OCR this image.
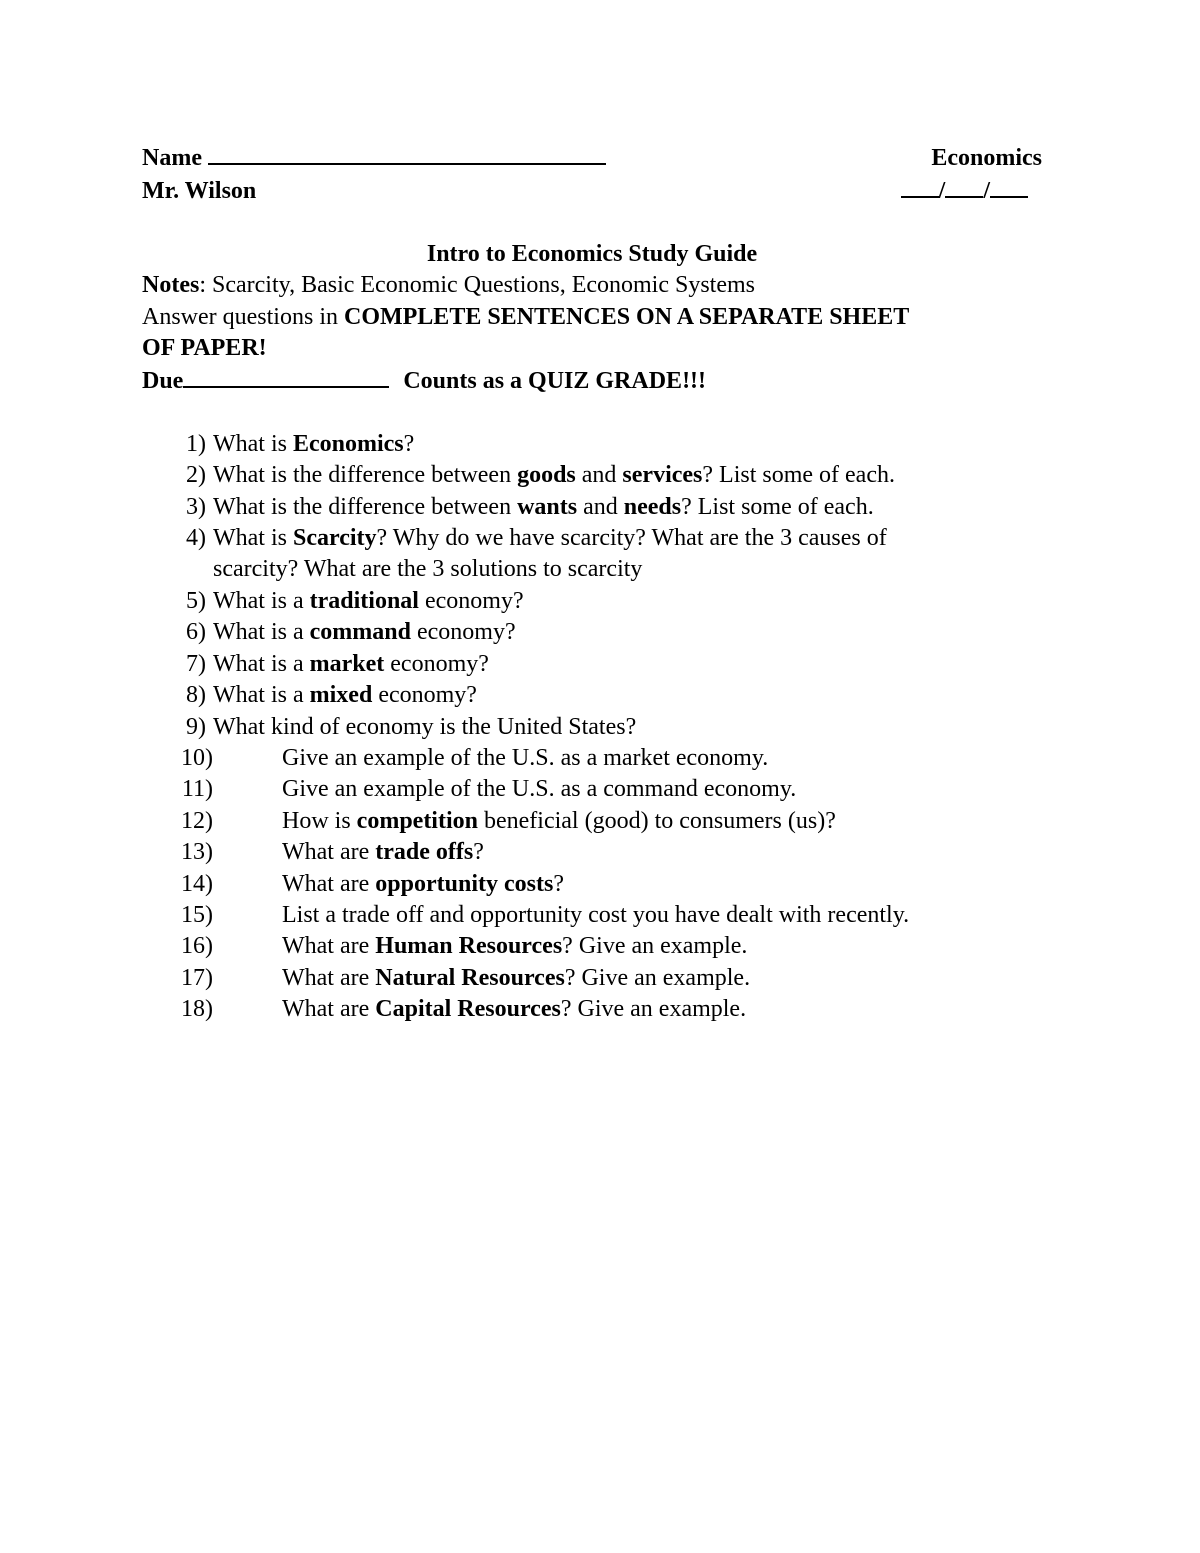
Name	Economics
Mr. Wilson	/ /
Intro to Economics Study Guide
Notes: Scarcity, Basic Economic Questions, Economic Systems
Answer questions in COMPLETE SENTENCES ON A SEPARATE SHEET
OF PAPER!
Due	Counts as a QUIZ GRADE!!!
1) What is Economics?
2) What is the difference between goods and services? List some of each.
3) What is the difference between wants and needs? List some of each.
4) What is Scarcity? Why do we have scarcity? What are the 3 causes of
scarcity? What are the 3 solutions to scarcity
5) What is a traditional economy?
6) What is a command economy?
7) What is a market economy?
8) What is a mixed economy?
9) What kind of economy is the United States?
10)	Give an example of the U.S. as a market economy.
11)	Give an example of the U.S. as a command economy.
12)	How is competition beneficial (good) to consumers (us)?
13)	What are trade offs?
14)	What are opportunity costs?
15)	List a trade off and opportunity cost you have dealt with recently.
16)	What are Human Resources? Give an example.
17)	What are Natural Resources? Give an example.
18)	What are Capital Resources? Give an example.
